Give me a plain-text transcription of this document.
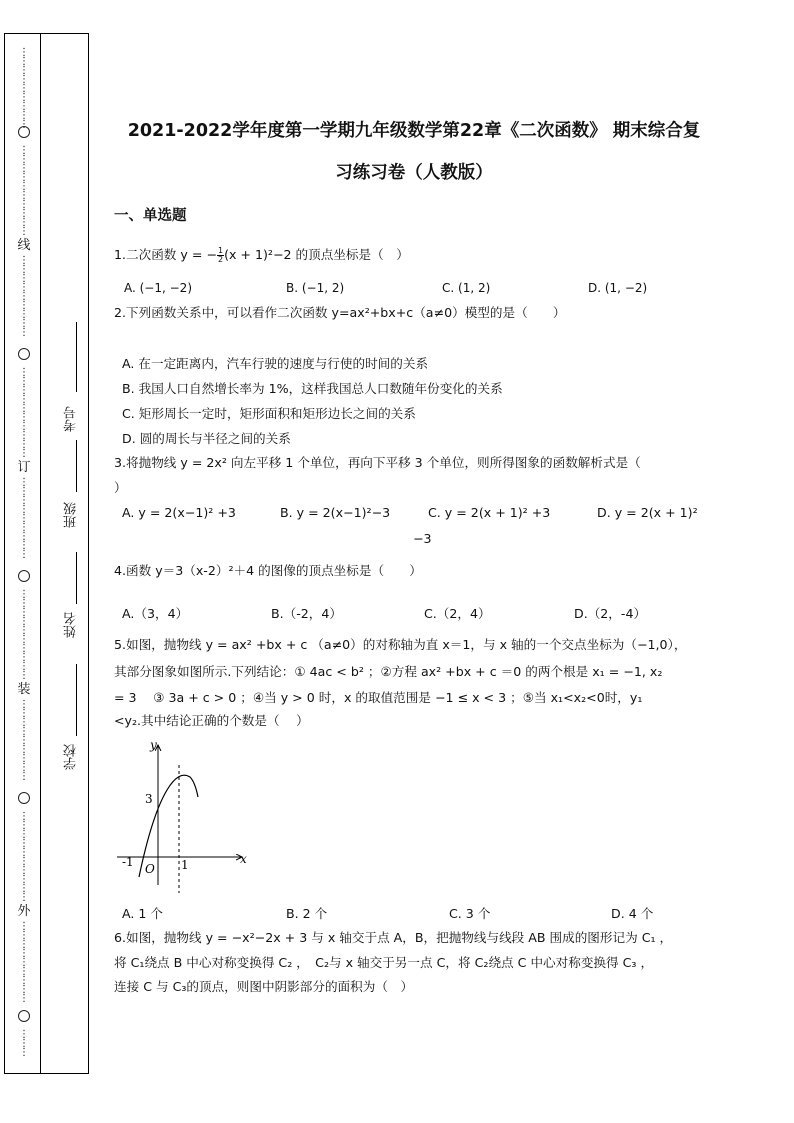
⋮
⋮
⋮
⋮
⋮
⋮
⋮
⋮
⋮
⋮
⋮
⋮
⋮
⋮
⋮
⋮
⋮
⋮
⋮
线
⋮
⋮
⋮
⋮
⋮
⋮
⋮
⋮
⋮
⋮
⋮
⋮
⋮
⋮
⋮
⋮
⋮
⋮
⋮
订
⋮
⋮
⋮
⋮
⋮
⋮
⋮
⋮
⋮
⋮
⋮
⋮
⋮
⋮
⋮
⋮
⋮
⋮
⋮
装
⋮
⋮
⋮
⋮
⋮
⋮
⋮
⋮
⋮
⋮
⋮
⋮
⋮
⋮
⋮
⋮
⋮
⋮
⋮
外
⋮
⋮
⋮
⋮
⋮
⋮
⋮
⋮
⋮
⋮
⋮
⋮
考号
班级
姓名
学校
2021-2022学年度第一学期九年级数学第22章《二次函数》 期末综合复
习练习卷（人教版）
一、单选题
1.二次函数 y = − $\frac{1}{2} (x + 1)^2-2$ 的顶点坐标是（　）
A. (−1, −2)	B. (−1, 2)	C. (1, 2)	D. (1, −2)
2.下列函数关系中，可以看作二次函数 y=ax²+bx+c（a≠0）模型的是（　　）
A. 在一定距离内，汽车行驶的速度与行使的时间的关系
B. 我国人口自然增长率为 1%，这样我国总人口数随年份变化的关系
C. 矩形周长一定时，矩形面积和矩形边长之间的关系
D. 圆的周长与半径之间的关系
3.将抛物线 y = 2x² 向左平移 1 个单位，再向下平移 3 个单位，则所得图象的函数解析式是（
）
A. y = 2(x−1)² +3	B. y = 2(x−1)²−3	C. y = 2(x + 1)² +3	D. y = 2(x + 1)²
−3
4.函数 y＝3（x-2）²＋4 的图像的顶点坐标是（　　）
A.（3，4）	B.（-2，4）	C.（2，4）	D.（2，-4）
5.如图，抛物线 y = ax² +bx + c （a≠0）的对称轴为直 x＝1，与 x 轴的一个交点坐标为（−1,0），
其部分图象如图所示.下列结论：① 4ac < b² ；②方程 ax² +bx + c ＝0 的两个根是 x₁ = −1, x₂
= 3　 ③ 3a + c > 0 ；④当 y > 0 时，x 的取值范围是 −1 ≤ x < 3 ；⑤当 x₁<x₂<0时，y₁
<y₂.其中结论正确的个数是（　 ）
y
x
O
3
-1	1
A. 1 个	B. 2 个	C. 3 个	D. 4 个
6.如图，抛物线 y = −x²−2x + 3 与 x 轴交于点 A，B，把抛物线与线段 AB 围成的图形记为 C₁ ，
将 C₁绕点 B 中心对称变换得 C₂ ，　C₂与 x 轴交于另一点 C，将 C₂绕点 C 中心对称变换得 C₃ ，
连接 C 与 C₃的顶点，则图中阴影部分的面积为（　）
